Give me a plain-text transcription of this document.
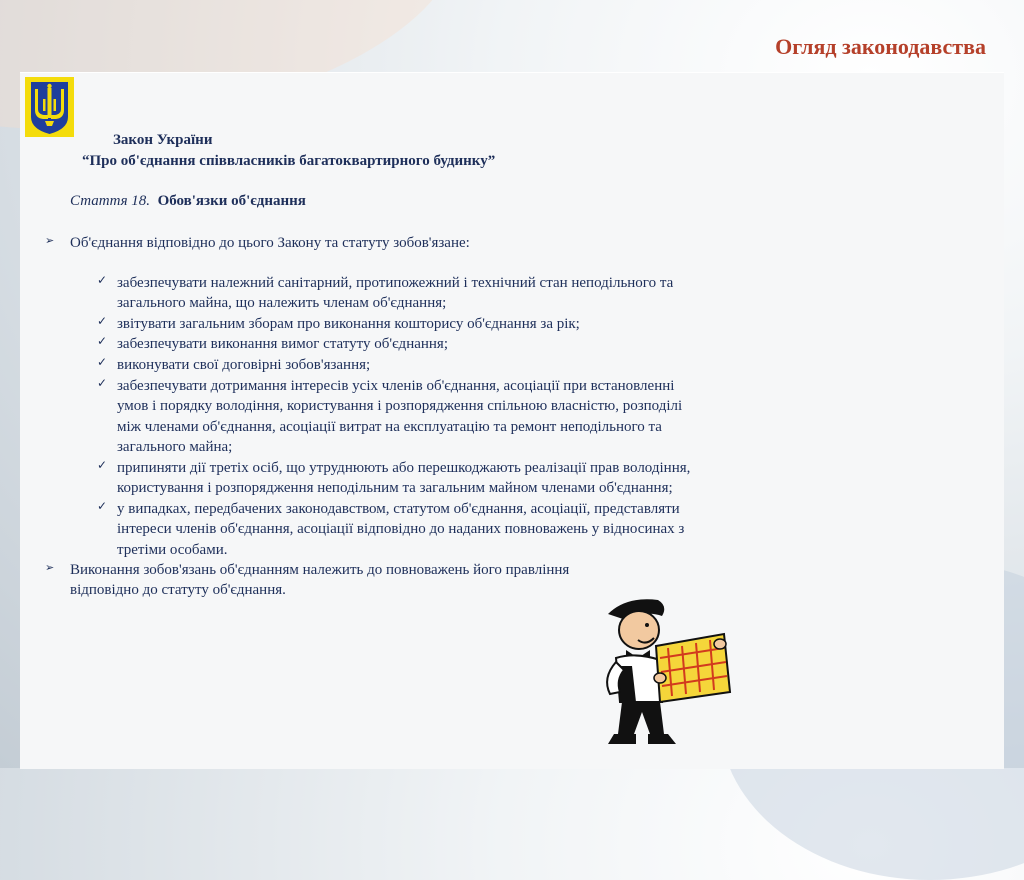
Огляд законодавства
Закон України
“Про об'єднання співвласників багатоквартирного будинку”
Стаття 18. Обов'язки об'єднання
➢ Об'єднання відповідно до цього Закону та статуту зобов'язане:
✓ забезпечувати належний санітарний, протипожежний і технічний стан неподільного та
загального майна, що належить членам об'єднання;
✓ звітувати загальним зборам про виконання кошторису об'єднання за рік;
✓ забезпечувати виконання вимог статуту об'єднання;
✓ виконувати свої договірні зобов'язання;
✓ забезпечувати дотримання інтересів усіх членів об'єднання, асоціації при встановленні
умов і порядку володіння, користування і розпорядження спільною власністю, розподілі
між членами об'єднання, асоціації витрат на експлуатацію та ремонт неподільного та
загального майна;
✓ припиняти дії третіх осіб, що утруднюють або перешкоджають реалізації прав володіння,
користування і розпорядження неподільним та загальним майном членами об'єднання;
✓ у випадках, передбачених законодавством, статутом об'єднання, асоціації, представляти
інтереси членів об'єднання, асоціації відповідно до наданих повноважень у відносинах з
третіми особами.
➢ Виконання зобов'язань об'єднанням належить до повноважень його правління
відповідно до статуту об'єднання.
